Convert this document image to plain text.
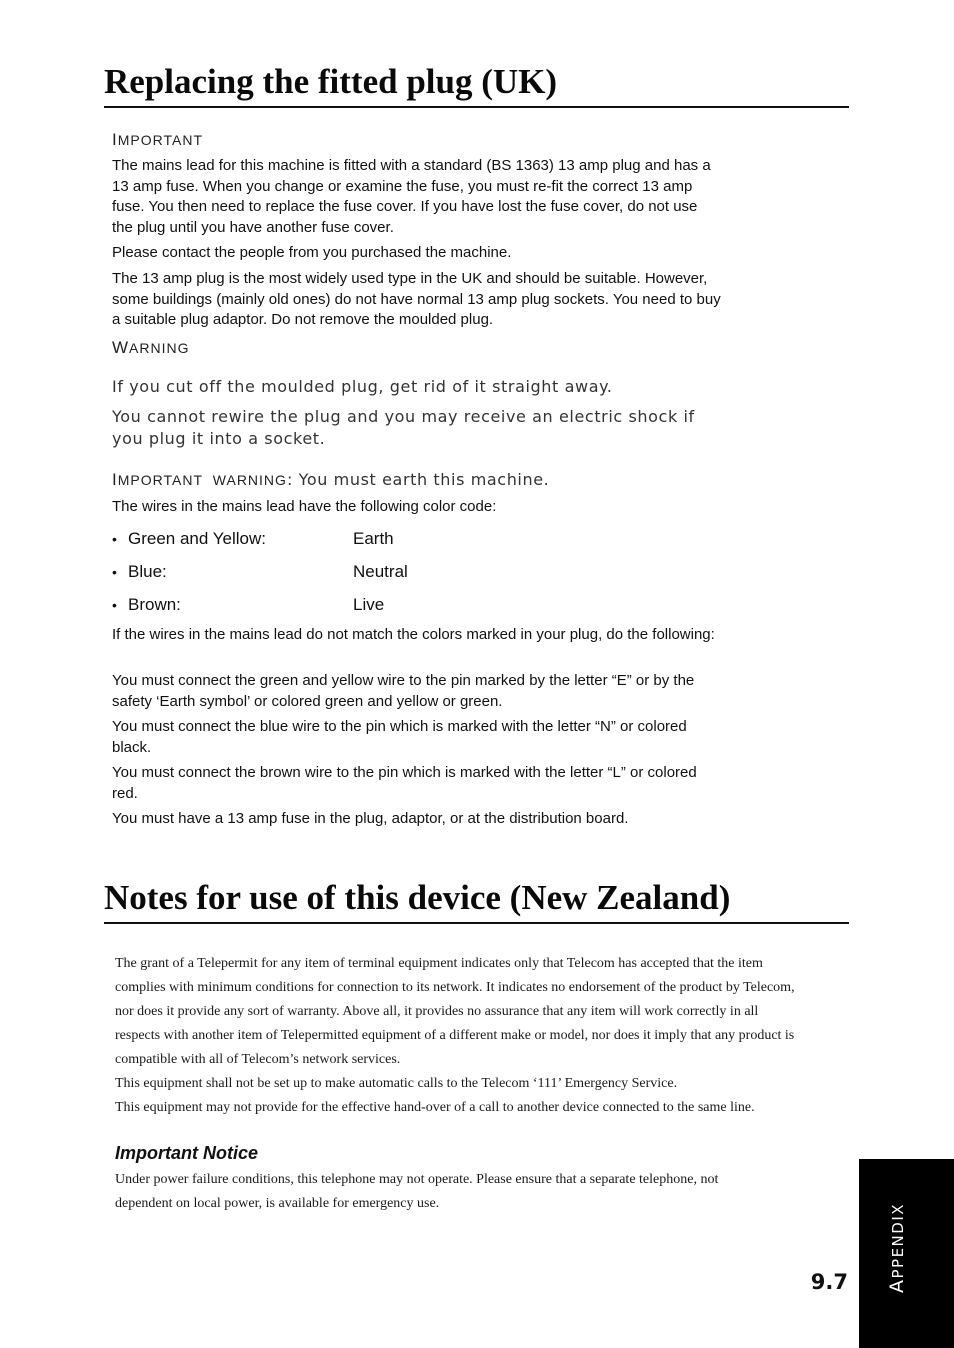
Replacing the fitted plug (UK)

IMPORTANT

The mains lead for this machine is fitted with a standard (BS 1363) 13 amp plug and has a 13 amp fuse. When you change or examine the fuse, you must re-fit the correct 13 amp fuse. You then need to replace the fuse cover. If you have lost the fuse cover, do not use the plug until you have another fuse cover.

Please contact the people from you purchased the machine.

The 13 amp plug is the most widely used type in the UK and should be suitable. However, some buildings (mainly old ones) do not have normal 13 amp plug sockets. You need to buy a suitable plug adaptor. Do not remove the moulded plug.

WARNING

If you cut off the moulded plug, get rid of it straight away.

You cannot rewire the plug and you may receive an electric shock if you plug it into a socket.

IMPORTANT WARNING: You must earth this machine.

The wires in the mains lead have the following color code:

• Green and Yellow:	Earth
• Blue:	Neutral
• Brown:	Live

If the wires in the mains lead do not match the colors marked in your plug, do the following:

You must connect the green and yellow wire to the pin marked by the letter “E” or by the safety ‘Earth symbol’ or colored green and yellow or green.

You must connect the blue wire to the pin which is marked with the letter “N” or colored black.

You must connect the brown wire to the pin which is marked with the letter “L” or colored red.

You must have a 13 amp fuse in the plug, adaptor, or at the distribution board.

Notes for use of this device (New Zealand)

The grant of a Telepermit for any item of terminal equipment indicates only that Telecom has accepted that the item complies with minimum conditions for connection to its network. It indicates no endorsement of the product by Telecom, nor does it provide any sort of warranty. Above all, it provides no assurance that any item will work correctly in all respects with another item of Telepermitted equipment of a different make or model, nor does it imply that any product is compatible with all of Telecom’s network services.

This equipment shall not be set up to make automatic calls to the Telecom ‘111’ Emergency Service.

This equipment may not provide for the effective hand-over of a call to another device connected to the same line.

Important Notice

Under power failure conditions, this telephone may not operate. Please ensure that a separate telephone, not dependent on local power, is available for emergency use.

APPENDIX

9.7
